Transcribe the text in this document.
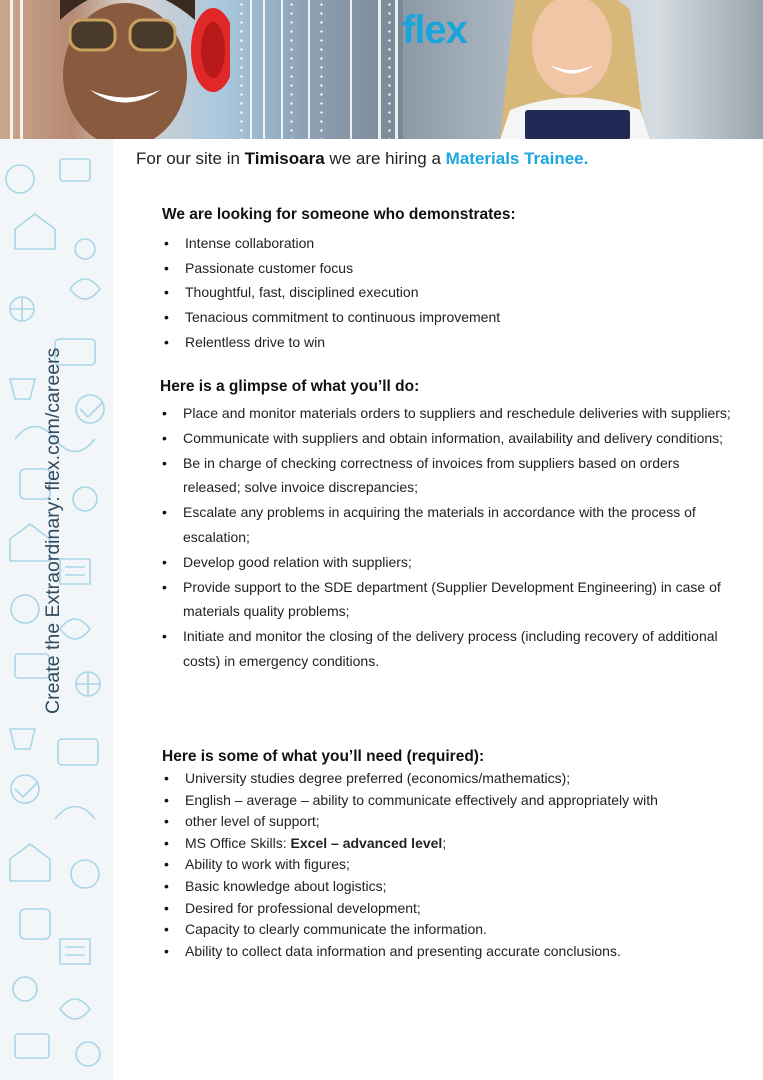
flex
Create the Extraordinary: flex.com/careers

For our site in Timisoara we are hiring a Materials Trainee.

We are looking for someone who demonstrates:
• Intense collaboration
• Passionate customer focus
• Thoughtful, fast, disciplined execution
• Tenacious commitment to continuous improvement
• Relentless drive to win
Here is a glimpse of what you’ll do:
• Place and monitor materials orders to suppliers and reschedule deliveries with suppliers;
• Communicate with suppliers and obtain information, availability and delivery conditions;
• Be in charge of checking correctness of invoices from suppliers based on orders released; solve invoice discrepancies;
• Escalate any problems in acquiring the materials in accordance with the process of escalation;
• Develop good relation with suppliers;
• Provide support to the SDE department (Supplier Development Engineering) in case of materials quality problems;
• Initiate and monitor the closing of the delivery process (including recovery of additional costs) in emergency conditions.
Here is some of what you’ll need (required):
• University studies degree preferred (economics/mathematics);
• English – average – ability to communicate effectively and appropriately with
• other level of support;
• MS Office Skills: Excel – advanced level;
• Ability to work with figures;
• Basic knowledge about logistics;
• Desired for professional development;
• Capacity to clearly communicate the information.
• Ability to collect data information and presenting accurate conclusions.
